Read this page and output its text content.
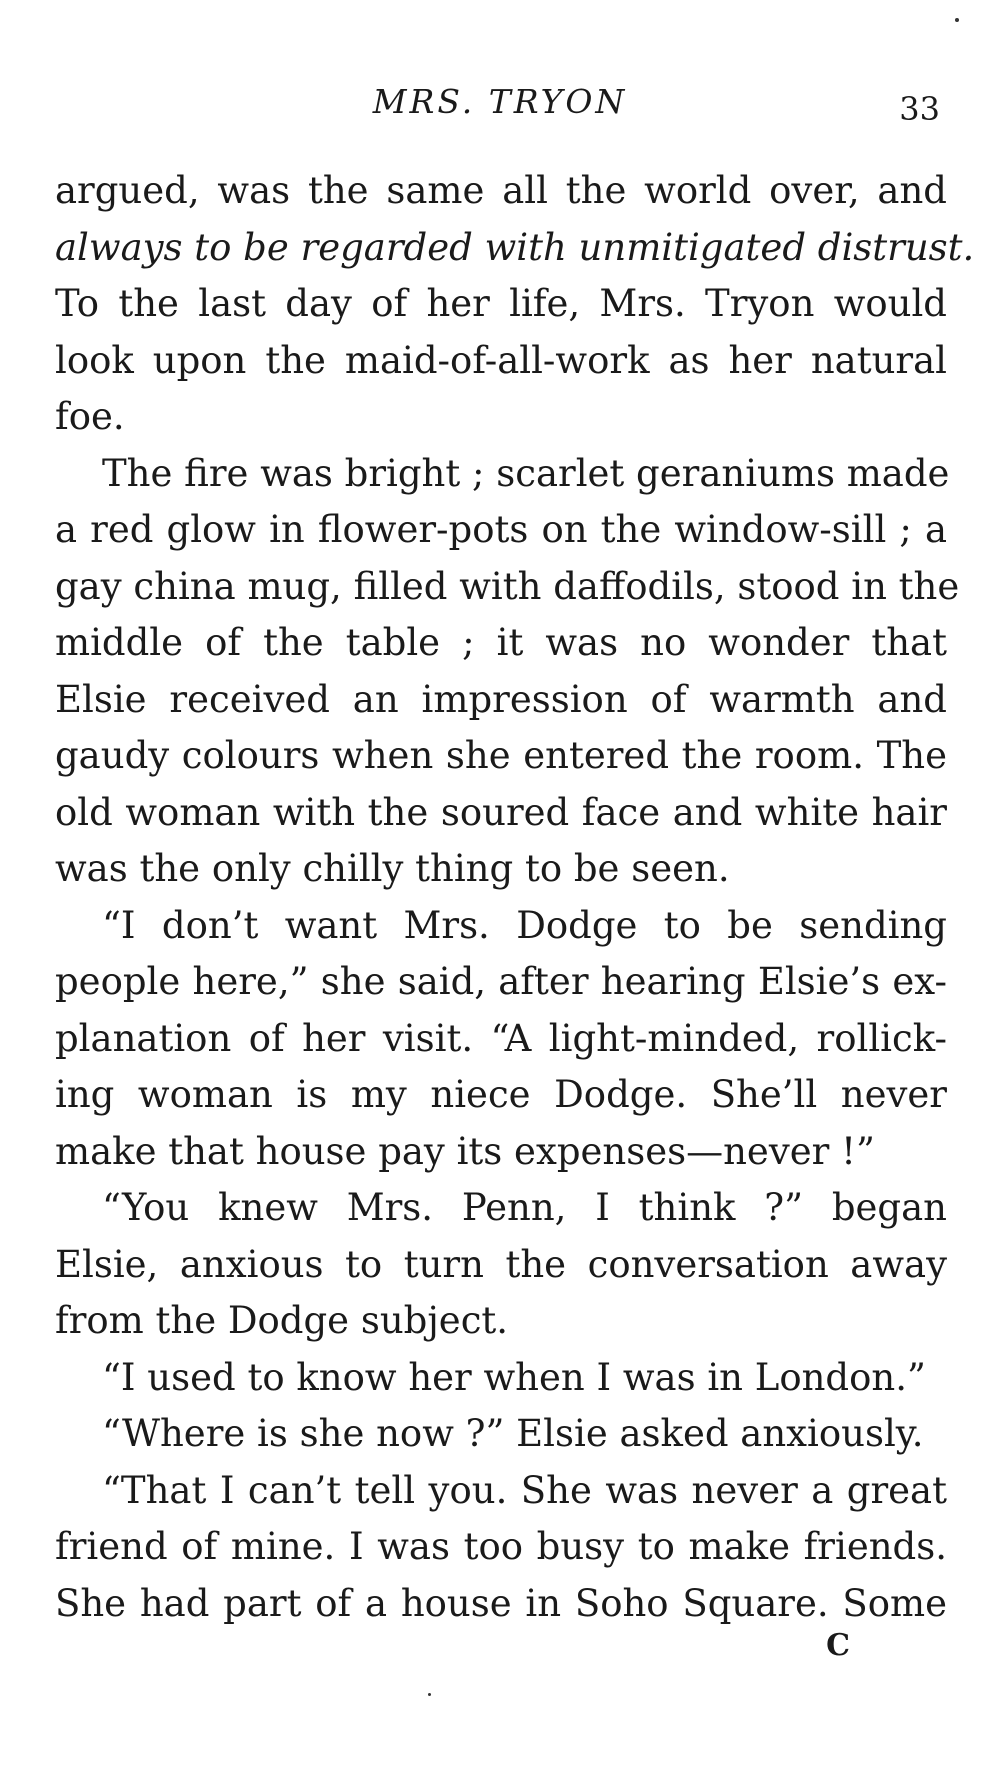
MRS. TRYON	33
argued, was the same all the world over, and
always to be regarded with unmitigated distrust.
To the last day of her life, Mrs. Tryon would
look upon the maid-of-all-work as her natural
foe.
The fire was bright ; scarlet geraniums made
a red glow in flower-pots on the window-sill ; a
gay china mug, filled with daffodils, stood in the
middle of the table ; it was no wonder that
Elsie received an impression of warmth and
gaudy colours when she entered the room. The
old woman with the soured face and white hair
was the only chilly thing to be seen.
“I don’t want Mrs. Dodge to be sending
people here,” she said, after hearing Elsie’s ex-
planation of her visit. “A light-minded, rollick-
ing woman is my niece Dodge. She’ll never
make that house pay its expenses—never !”
“You knew Mrs. Penn, I think ?” began
Elsie, anxious to turn the conversation away
from the Dodge subject.
“I used to know her when I was in London.”
“Where is she now ?” Elsie asked anxiously.
“That I can’t tell you. She was never a great
friend of mine. I was too busy to make friends.
She had part of a house in Soho Square. Some
C
